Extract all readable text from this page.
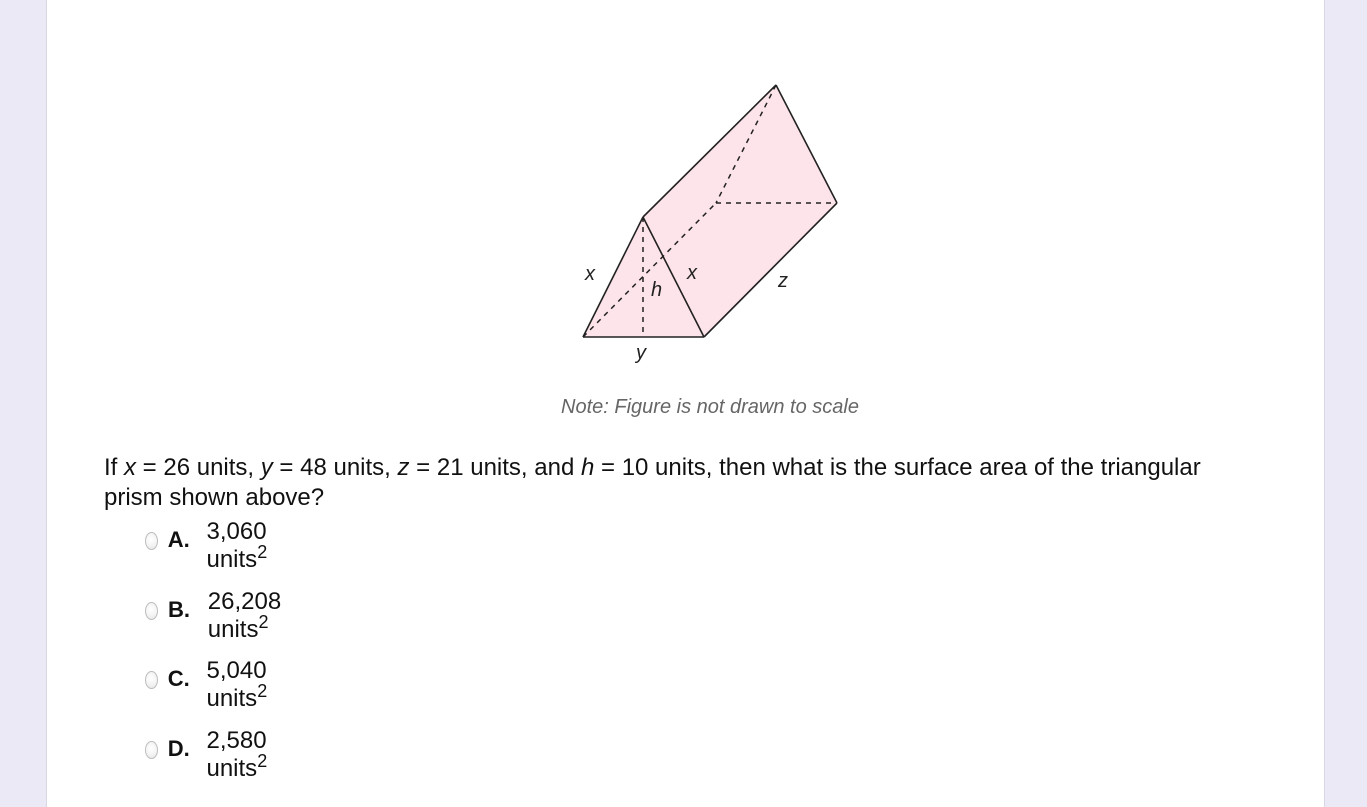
x	x
h
y
z
Note: Figure is not drawn to scale
If x = 26 units, y = 48 units, z = 21 units, and h = 10 units, then what is the surface area of the triangular prism shown above?
A. 3,060 units$^2$
B. 26,208 units$^2$
C. 5,040 units$^2$
D. 2,580 units$^2$
